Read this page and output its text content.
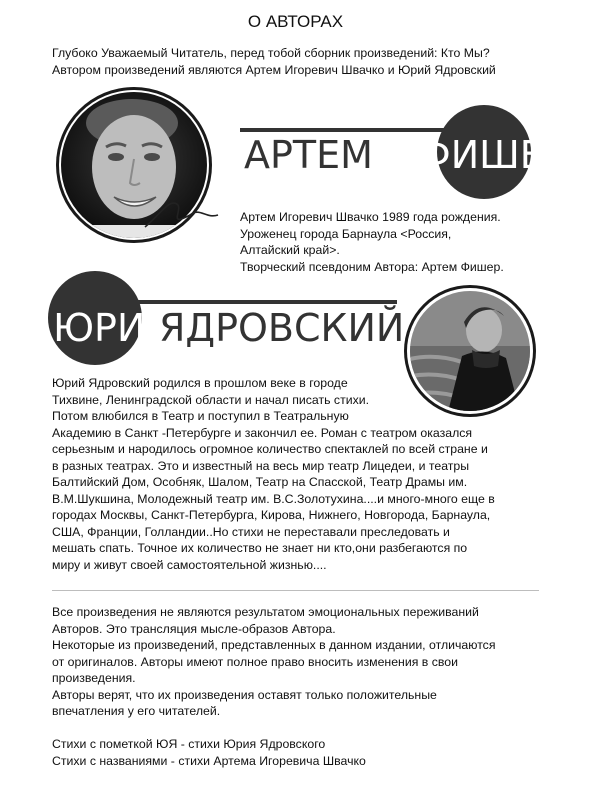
О АВТОРАХ
Глубоко Уважаемый Читатель, перед тобой сборник произведений: Кто Мы?
Автором произведений являются Артем Игоревич Швачко и Юрий Ядровский
АРТЕМ ФИШЕР
Артем Игоревич Швачко 1989 года рождения.
Уроженец города Барнаула <Россия,
Алтайский край>.
Творческий псевдоним Автора: Артем Фишер.
ЮРИЙ
ЯДРОВСКИЙ
Юрий Ядровский родился в прошлом веке в городе
Тихвине, Ленинградской области и начал писать стихи.
Потом влюбился в Театр и поступил в Театральную
Академию в Санкт -Петербурге и закончил ее. Роман с театром оказался
серьезным и народилось огромное количество спектаклей по всей стране и
в разных театрах. Это и известный на весь мир театр Лицедеи, и театры
Балтийский Дом, Особняк, Шалом, Театр на Спасской, Театр Драмы им.
В.М.Шукшина, Молодежный театр им. В.С.Золотухина....и много-много еще в
городах Москвы, Санкт-Петербурга, Кирова, Нижнего, Новгорода, Барнаула,
США, Франции, Голландии..Но стихи не переставали преследовать и
мешать спать. Точное их количество не знает ни кто,они разбегаются по
миру и живут своей самостоятельной жизнью....
Все произведения не являются результатом эмоциональных переживаний
Авторов. Это трансляция мысле-образов Автора.
Некоторые из произведений, представленных в данном издании, отличаются
от оригиналов. Авторы имеют полное право вносить изменения в свои
произведения.
Авторы верят, что их произведения оставят только положительные
впечатления у его читателей.
Стихи с пометкой ЮЯ - стихи Юрия Ядровского
Стихи с названиями - стихи Артема Игоревича Швачко
